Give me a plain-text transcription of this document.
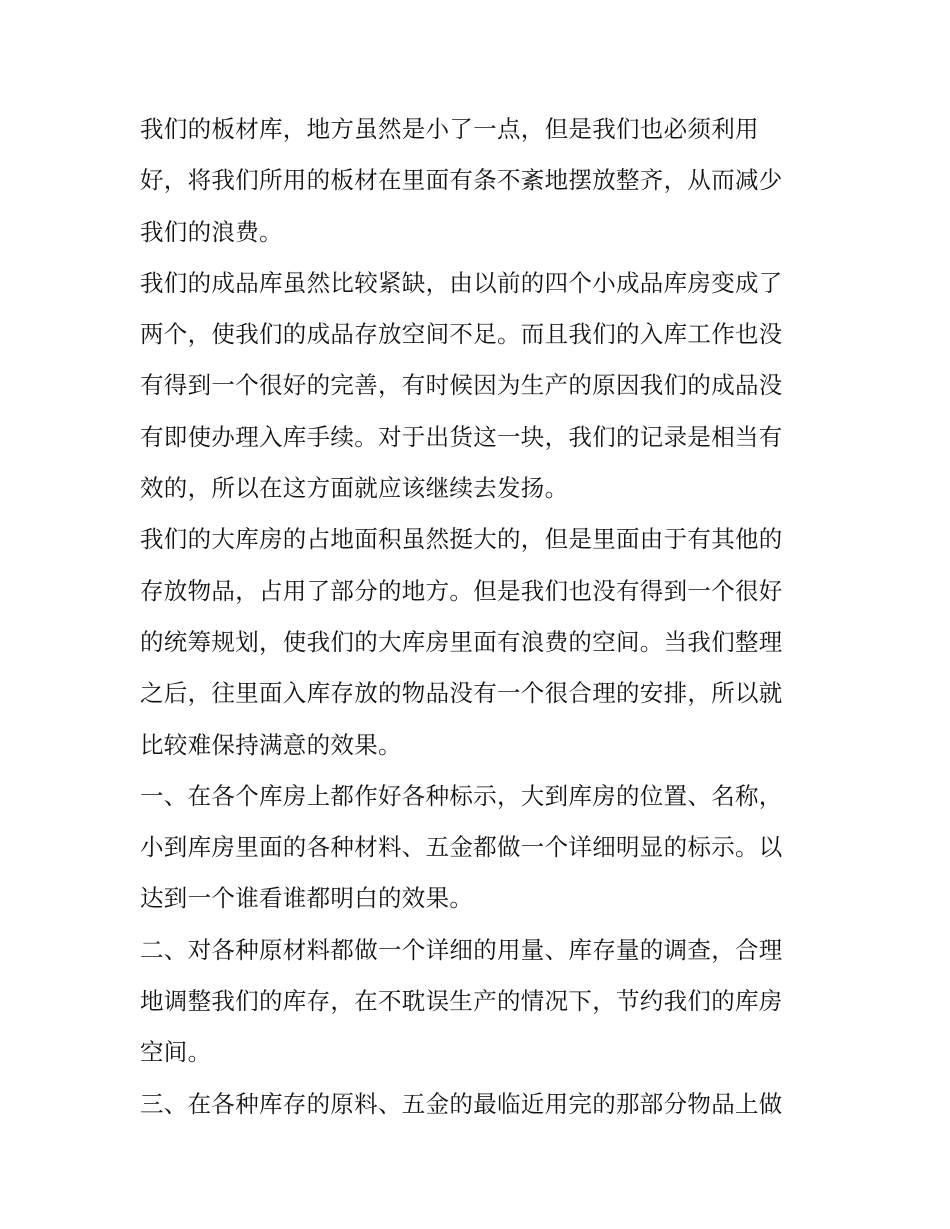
我们的板材库，地方虽然是小了一点，但是我们也必须利用
好，将我们所用的板材在里面有条不紊地摆放整齐，从而减少
我们的浪费。

我们的成品库虽然比较紧缺，由以前的四个小成品库房变成了
两个，使我们的成品存放空间不足。而且我们的入库工作也没
有得到一个很好的完善，有时候因为生产的原因我们的成品没
有即使办理入库手续。对于出货这一块，我们的记录是相当有
效的，所以在这方面就应该继续去发扬。

我们的大库房的占地面积虽然挺大的，但是里面由于有其他的
存放物品，占用了部分的地方。但是我们也没有得到一个很好
的统筹规划，使我们的大库房里面有浪费的空间。当我们整理
之后，往里面入库存放的物品没有一个很合理的安排，所以就
比较难保持满意的效果。

一、在各个库房上都作好各种标示，大到库房的位置、名称，
小到库房里面的各种材料、五金都做一个详细明显的标示。以
达到一个谁看谁都明白的效果。

二、对各种原材料都做一个详细的用量、库存量的调查，合理
地调整我们的库存，在不耽误生产的情况下，节约我们的库房
空间。

三、在各种库存的原料、五金的最临近用完的那部分物品上做
